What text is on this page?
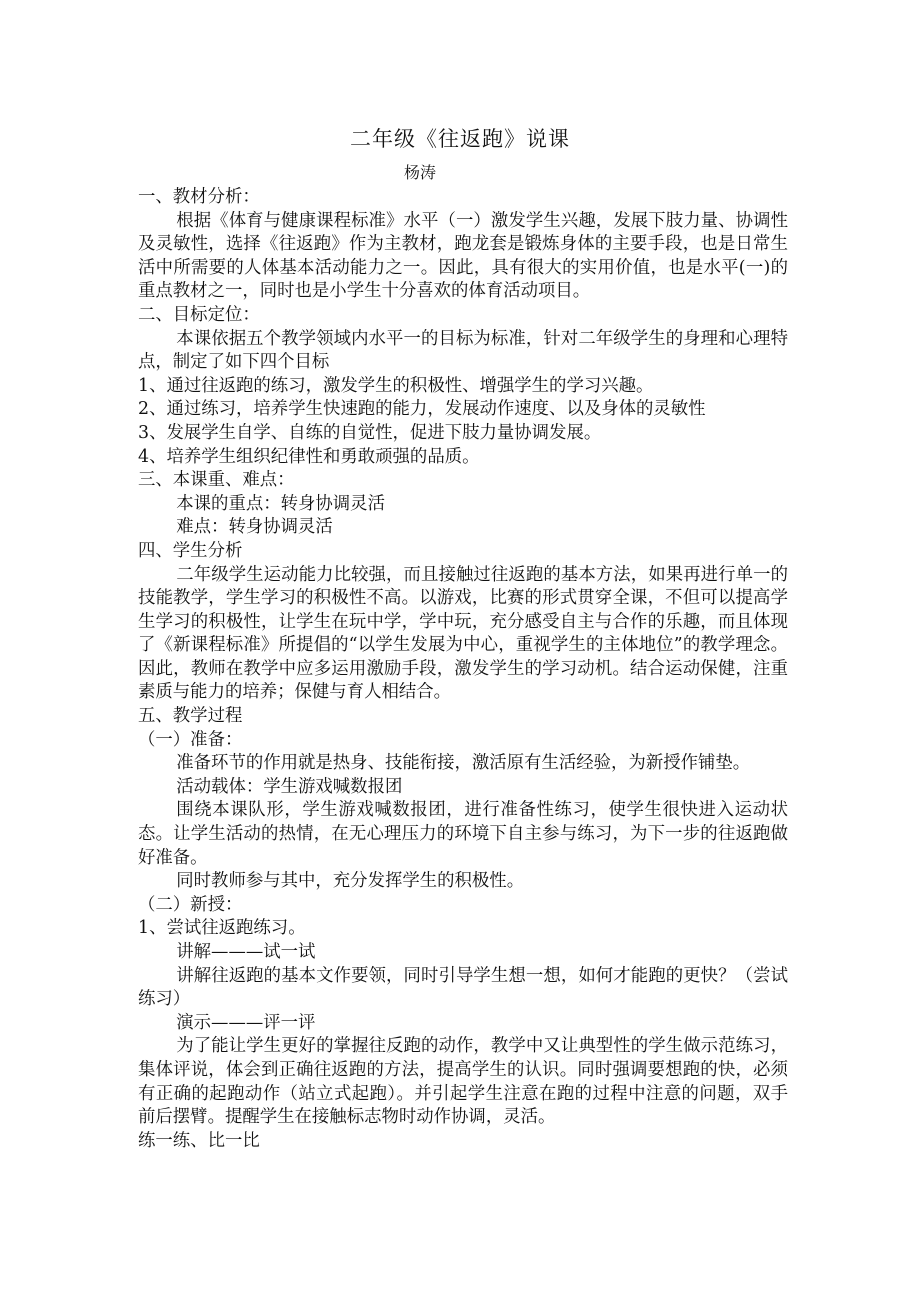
二年级《往返跑》说课
杨涛

一、教材分析：

根据《体育与健康课程标准》水平（一）激发学生兴趣，发展下肢力量、协调性及灵敏性，选择《往返跑》作为主教材，跑龙套是锻炼身体的主要手段，也是日常生活中所需要的人体基本活动能力之一。因此，具有很大的实用价值，也是水平(一)的重点教材之一，同时也是小学生十分喜欢的体育活动项目。

二、目标定位：

本课依据五个教学领域内水平一的目标为标准，针对二年级学生的身理和心理特点，制定了如下四个目标

1、通过往返跑的练习，激发学生的积极性、增强学生的学习兴趣。

2、通过练习，培养学生快速跑的能力，发展动作速度、以及身体的灵敏性

3、发展学生自学、自练的自觉性，促进下肢力量协调发展。

4、培养学生组织纪律性和勇敢顽强的品质。

三、本课重、难点：

本课的重点：转身协调灵活

难点：转身协调灵活

四、学生分析

二年级学生运动能力比较强，而且接触过往返跑的基本方法，如果再进行单一的技能教学，学生学习的积极性不高。以游戏，比赛的形式贯穿全课，不但可以提高学生学习的积极性，让学生在玩中学，学中玩，充分感受自主与合作的乐趣，而且体现了《新课程标准》所提倡的“以学生发展为中心，重视学生的主体地位”的教学理念。因此，教师在教学中应多运用激励手段，激发学生的学习动机。结合运动保健，注重素质与能力的培养；保健与育人相结合。

五、教学过程

（一）准备：

准备环节的作用就是热身、技能衔接，激活原有生活经验，为新授作铺垫。

活动载体：学生游戏喊数报团

围绕本课队形，学生游戏喊数报团，进行准备性练习，使学生很快进入运动状态。让学生活动的热情，在无心理压力的环境下自主参与练习，为下一步的往返跑做好准备。

同时教师参与其中，充分发挥学生的积极性。

（二）新授：

1、尝试往返跑练习。

讲解———试一试

讲解往返跑的基本文作要领，同时引导学生想一想，如何才能跑的更快？（尝试练习）

演示———评一评

为了能让学生更好的掌握往反跑的动作，教学中又让典型性的学生做示范练习，集体评说，体会到正确往返跑的方法，提高学生的认识。同时强调要想跑的快，必须有正确的起跑动作（站立式起跑）。并引起学生注意在跑的过程中注意的问题，双手前后摆臂。提醒学生在接触标志物时动作协调，灵活。

练一练、比一比
